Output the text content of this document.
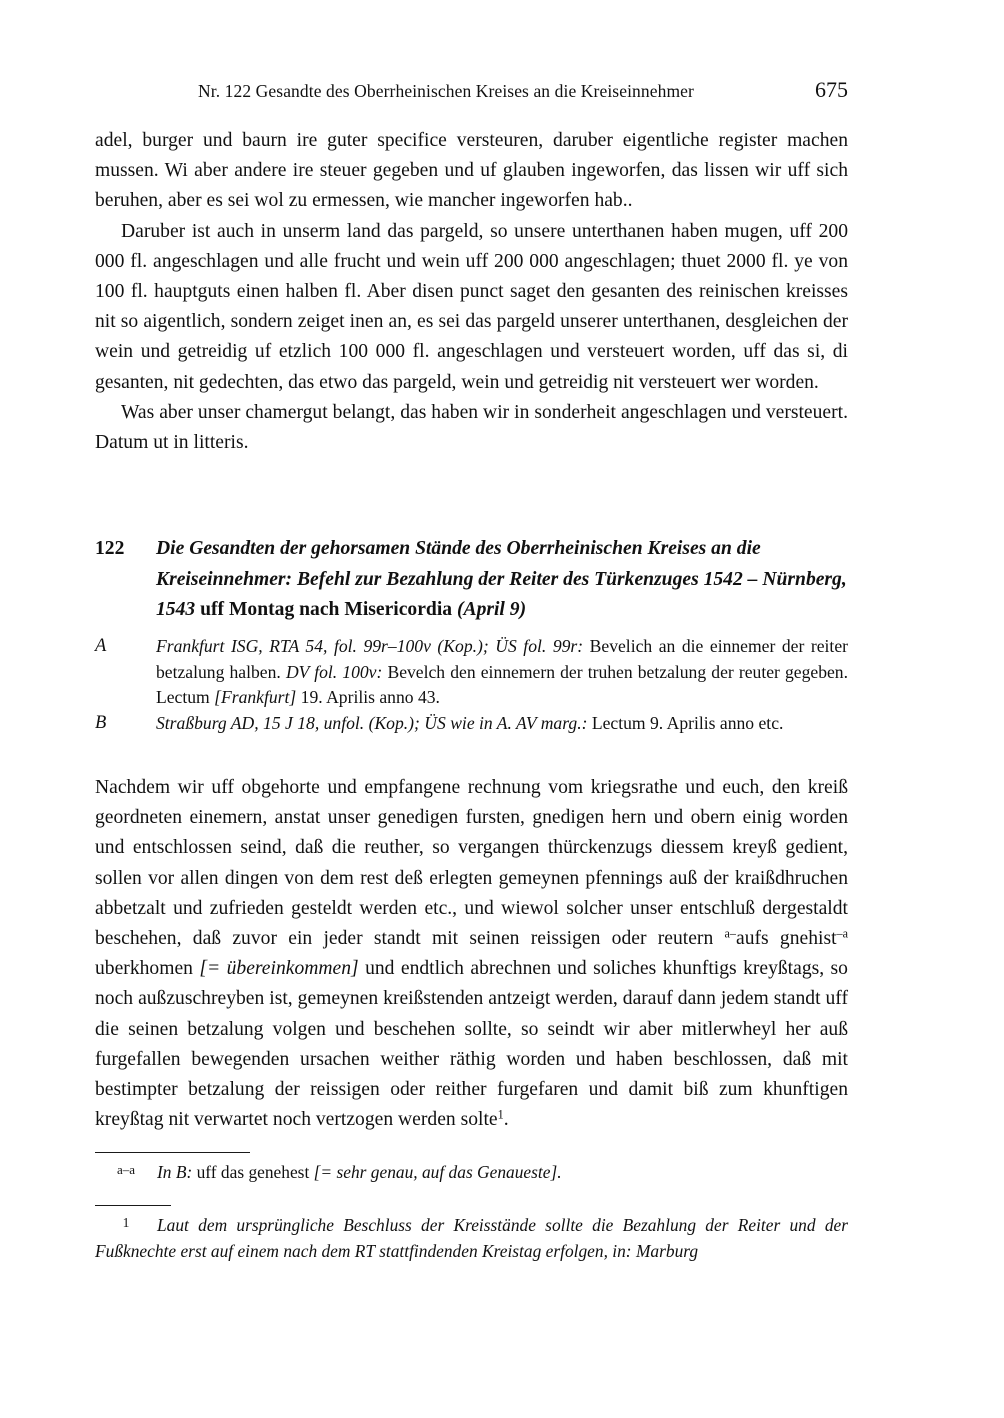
Nr. 122 Gesandte des Oberrheinischen Kreises an die Kreiseinnehmer	675

adel, burger und baurn ire guter specifice versteuren, daruber eigentliche register machen mussen. Wi aber andere ire steuer gegeben und uf glauben ingeworfen, das lissen wir uff sich beruhen, aber es sei wol zu ermessen, wie mancher ingeworfen hab..

Daruber ist auch in unserm land das pargeld, so unsere unterthanen haben mugen, uff 200 000 fl. angeschlagen und alle frucht und wein uff 200 000 angeschlagen; thuet 2000 fl. ye von 100 fl. hauptguts einen halben fl. Aber disen punct saget den gesanten des reinischen kreisses nit so aigentlich, sondern zeiget inen an, es sei das pargeld unserer unterthanen, desgleichen der wein und getreidig uf etzlich 100 000 fl. angeschlagen und versteuert worden, uff das si, di gesanten, nit gedechten, das etwo das pargeld, wein und getreidig nit versteuert wer worden.

Was aber unser chamergut belangt, das haben wir in sonderheit angeschlagen und versteuert. Datum ut in litteris.

122 Die Gesandten der gehorsamen Stände des Oberrheinischen Kreises an die Kreiseinnehmer: Befehl zur Bezahlung der Reiter des Türkenzuges 1542 – Nürnberg, 1543 uff Montag nach Misericordia (April 9)
A	Frankfurt ISG, RTA 54, fol. 99r–100v (Kop.); ÜS fol. 99r: Bevelich an die einnemer der reiter betzalung halben. DV fol. 100v: Bevelch den einnemern der truhen betzalung der reuter gegeben. Lectum [Frankfurt] 19. Aprilis anno 43.
B	Straßburg AD, 15 J 18, unfol. (Kop.); ÜS wie in A. AV marg.: Lectum 9. Aprilis anno etc.

Nachdem wir uff obgehorte und empfangene rechnung vom kriegsrathe und euch, den kreiß geordneten einemern, anstat unser genedigen fursten, gnedigen hern und obern einig worden und entschlossen seind, daß die reuther, so vergangen thürckenzugs diessem kreyß gedient, sollen vor allen dingen von dem rest deß erlegten gemeynen pfennings auß der kraißdhruchen abbetzalt und zufrieden gesteldt werden etc., und wiewol solcher unser entschluß dergestaldt beschehen, daß zuvor ein jeder standt mit seinen reissigen oder reutern $^{a-}$aufs gnehist$^{-a}$ uberkhomen [= übereinkommen] und endtlich abrechnen und soliches khunftigs kreyßtags, so noch außzuschreyben ist, gemeynen kreißstenden antzeigt werden, darauf dann jedem standt uff die seinen betzalung volgen und beschehen sollte, so seindt wir aber mitlerwheyl her auß furgefallen bewegenden ursachen weither räthig worden und haben beschlossen, daß mit bestimpter betzalung der reissigen oder reither furgefaren und damit biß zum khunftigen kreyßtag nit verwartet noch vertzogen werden solte$^1$.

a–a In B: uff das genehest [= sehr genau, auf das Genaueste].
1 Laut dem ursprüngliche Beschluss der Kreisstände sollte die Bezahlung der Reiter und der Fußknechte erst auf einem nach dem RT stattfindenden Kreistag erfolgen, in: Marburg
